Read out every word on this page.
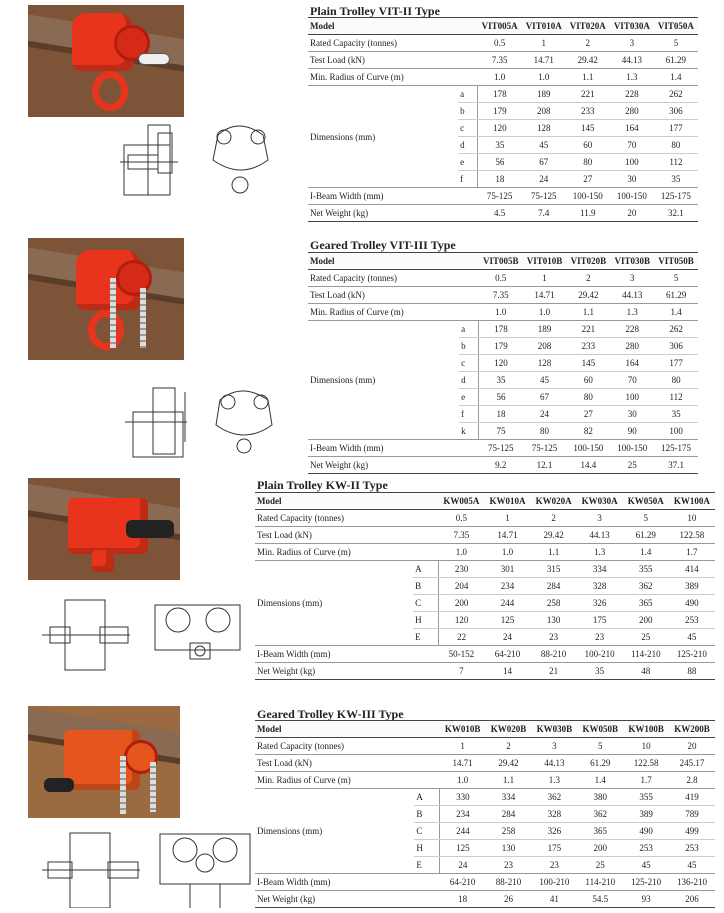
Plain Trolley VIT-II Type
Model		VIT005A	VIT010A	VIT020A	VIT030A	VIT050A
Rated Capacity (tonnes)		0.5	1	2	3	5
Test Load (kN)		7.35	14.71	29.42	44.13	61.29
Min. Radius of Curve (m)		1.0	1.0	1.1	1.3	1.4
Dimensions (mm)	a	178	189	221	228	262
	b	179	208	233	280	306
	c	120	128	145	164	177
	d	35	45	60	70	80
	e	56	67	80	100	112
	f	18	24	27	30	35
I-Beam Width (mm)		75-125	75-125	100-150	100-150	125-175
Net Weight (kg)		4.5	7.4	11.9	20	32.1
Geared Trolley VIT-III Type
Model		VIT005B	VIT010B	VIT020B	VIT030B	VIT050B
Rated Capacity (tonnes)		0.5	1	2	3	5
Test Load (kN)		7.35	14.71	29.42	44.13	61.29
Min. Radius of Curve (m)		1.0	1.0	1.1	1.3	1.4
Dimensions (mm)	a	178	189	221	228	262
	b	179	208	233	280	306
	c	120	128	145	164	177
	d	35	45	60	70	80
	e	56	67	80	100	112
	f	18	24	27	30	35
	k	75	80	82	90	100
I-Beam Width (mm)		75-125	75-125	100-150	100-150	125-175
Net Weight (kg)		9.2	12.1	14.4	25	37.1
Plain Trolley KW-II Type
Model		KW005A	KW010A	KW020A	KW030A	KW050A	KW100A
Rated Capacity (tonnes)		0.5	1	2	3	5	10
Test Load (kN)		7.35	14.71	29.42	44.13	61.29	122.58
Min. Radius of Curve (m)		1.0	1.0	1.1	1.3	1.4	1.7
Dimensions (mm)	A	230	301	315	334	355	414
	B	204	234	284	328	362	389
	C	200	244	258	326	365	490
	H	120	125	130	175	200	253
	E	22	24	23	23	25	45
I-Beam Width (mm)		50-152	64-210	88-210	100-210	114-210	125-210
Net Weight (kg)		7	14	21	35	48	88
Geared Trolley KW-III Type
Model		KW010B	KW020B	KW030B	KW050B	KW100B	KW200B
Rated Capacity (tonnes)		1	2	3	5	10	20
Test Load (kN)		14.71	29.42	44.13	61.29	122.58	245.17
Min. Radius of Curve (m)		1.0	1.1	1.3	1.4	1.7	2.8
Dimensions (mm)	A	330	334	362	380	355	419
	B	234	284	328	362	389	789
	C	244	258	326	365	490	499
	H	125	130	175	200	253	253
	E	24	23	23	25	45	45
I-Beam Width (mm)		64-210	88-210	100-210	114-210	125-210	136-210
Net Weight (kg)		18	26	41	54.5	93	206
